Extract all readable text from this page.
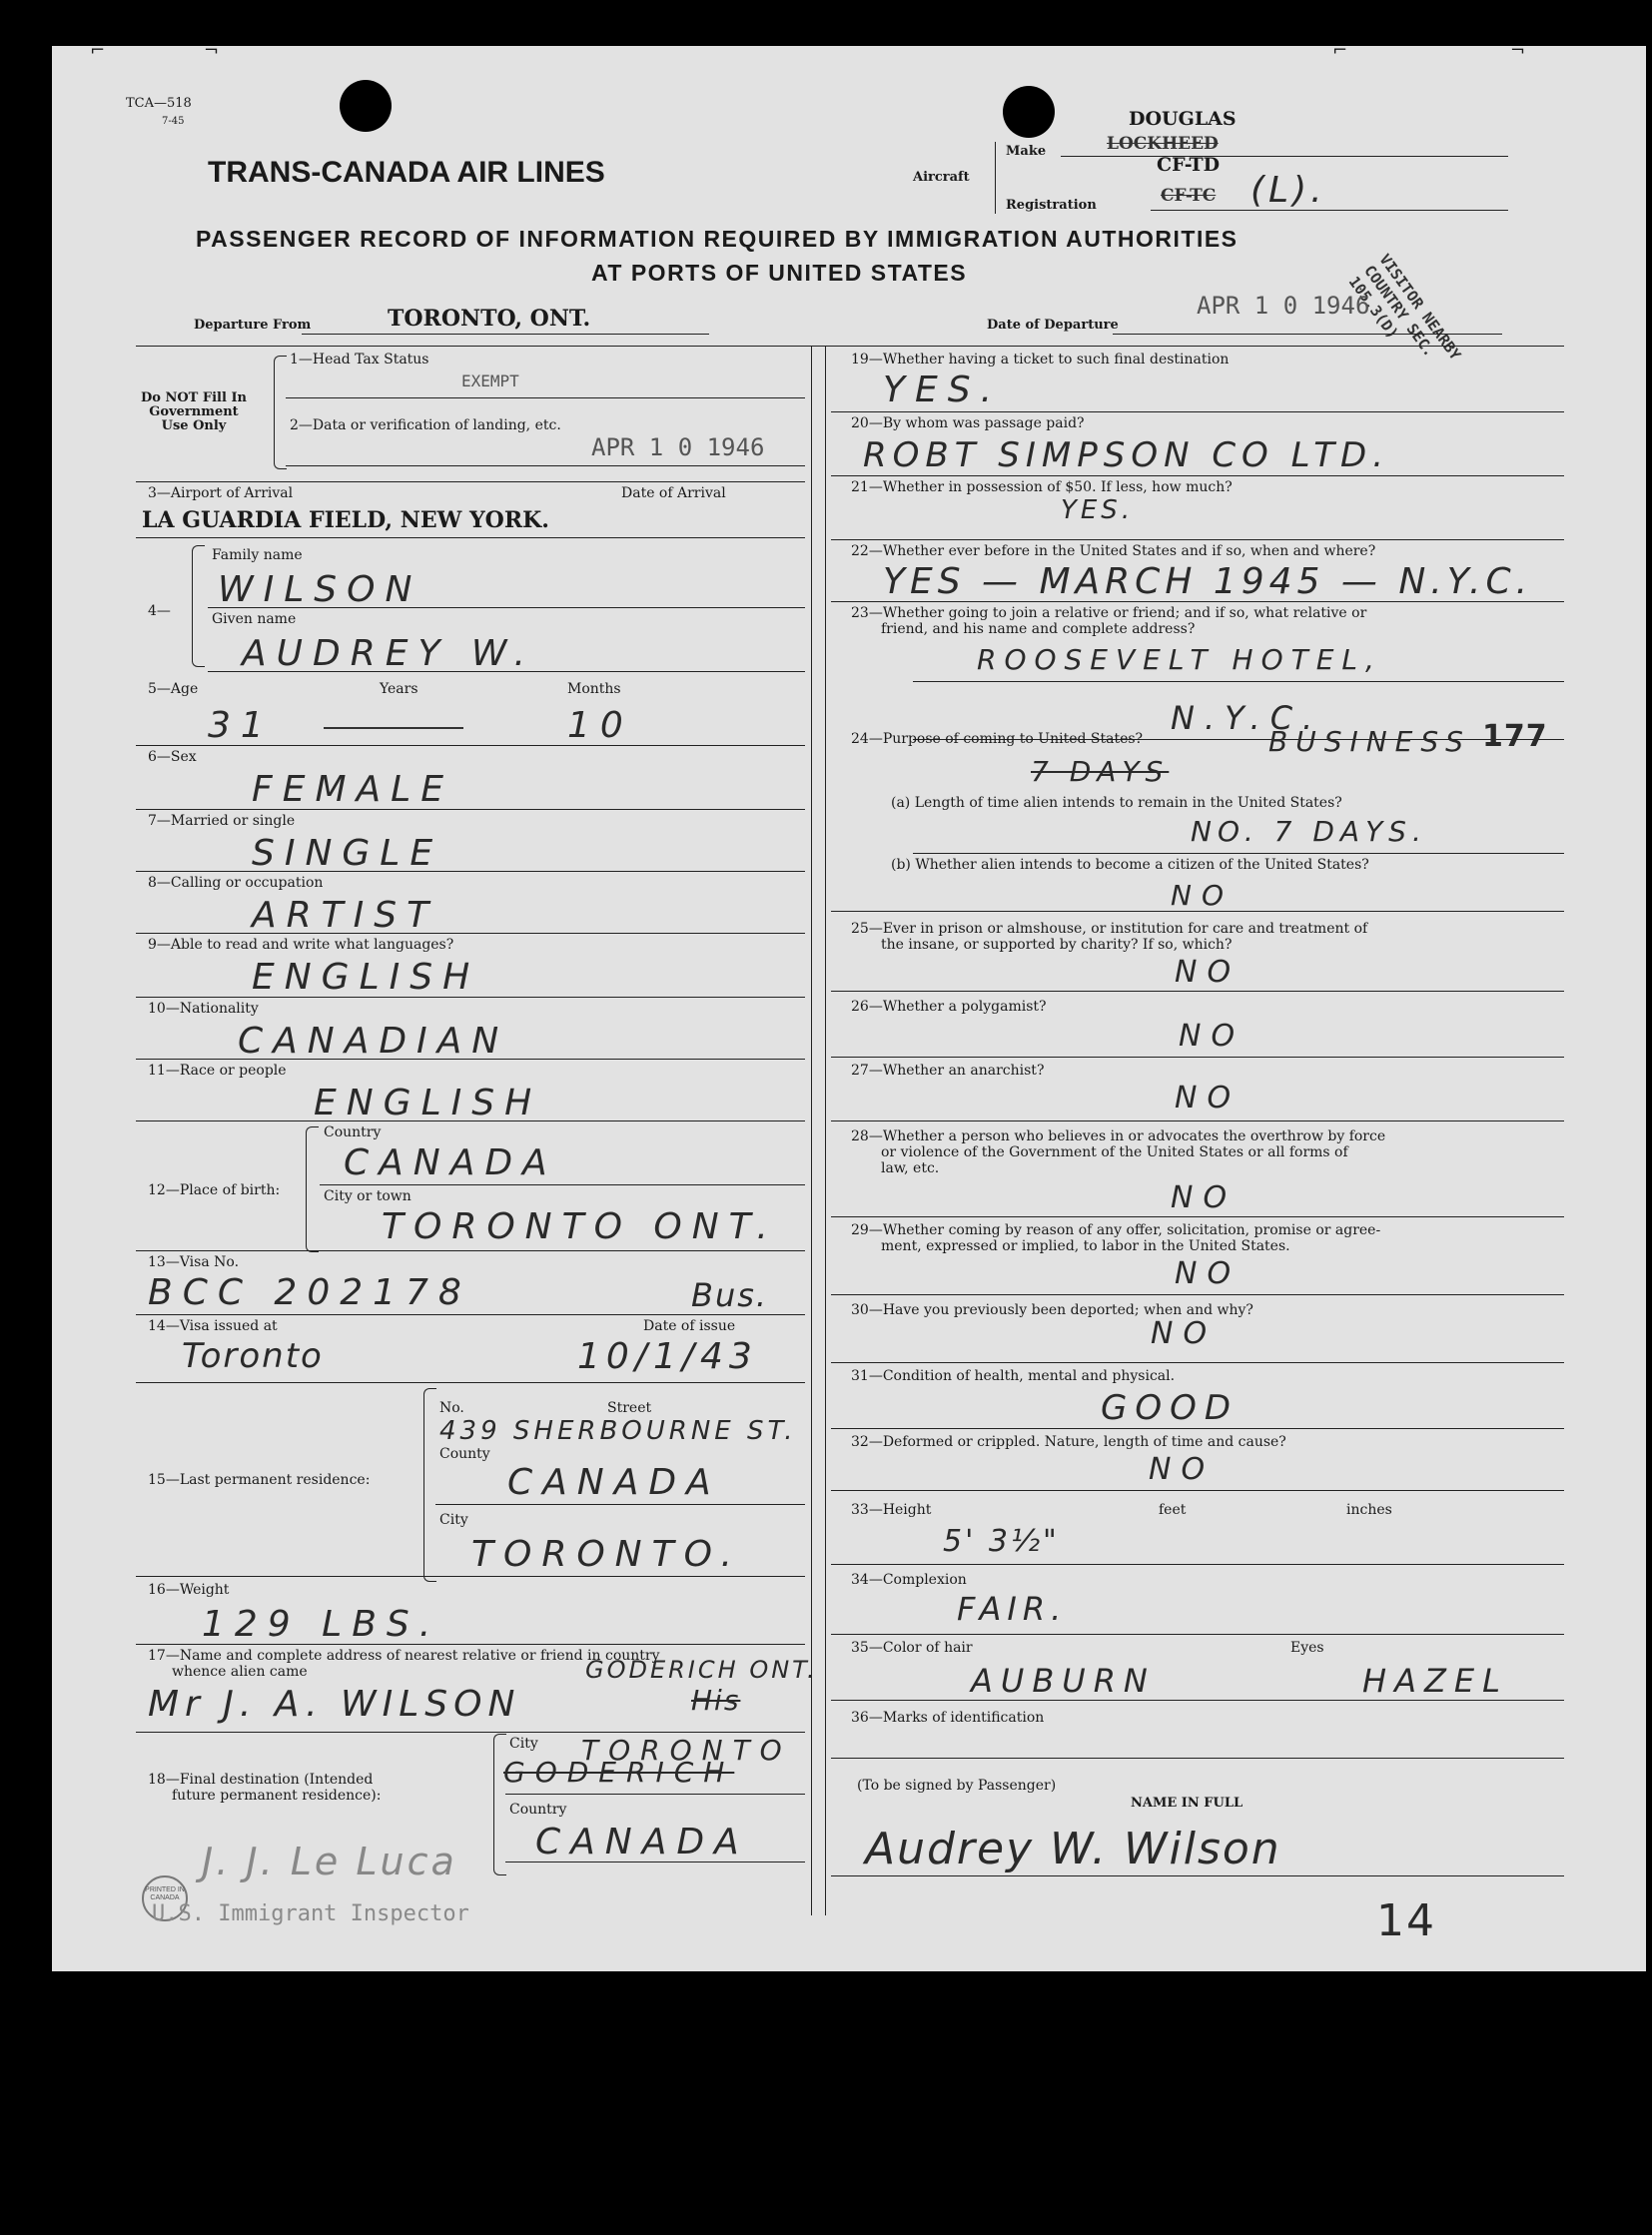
⌐	¬	⌐	¬
TCA—518
7-45
TRANS-CANADA AIR LINES	Aircraft
Make
DOUGLAS
LOCKHEED
Registration
CF-TD
CF-TC (L).
PASSENGER RECORD OF INFORMATION REQUIRED BY IMMIGRATION AUTHORITIES
AT PORTS OF UNITED STATES	VISITOR NEARBY COUNTRY SEC. 105.3(D)
Departure From	TORONTO, ONT.	Date of Departure
APR 1 0 1946
Do NOT Fill In Government Use Only
1—Head Tax Status
EXEMPT
2—Data or verification of landing, etc.
APR 1 0 1946
3—Airport of Arrival	Date of Arrival
LA GUARDIA FIELD, NEW YORK.
4—
Family name
WILSON
Given name
AUDREY W.
5—Age	Years	Months
31	10
6—Sex
FEMALE
7—Married or single
SINGLE
8—Calling or occupation
ARTIST
9—Able to read and write what languages?
ENGLISH
10—Nationality
CANADIAN
11—Race or people
ENGLISH
12—Place of birth:
Country
CANADA
City or town
TORONTO ONT.
13—Visa No.
BCC 202178	Bus.
14—Visa issued at	Date of issue
Toronto	10/1/43
15—Last permanent residence:
No.	Street
439 SHERBOURNE ST.
County
CANADA
City
TORONTO.
16—Weight
129 LBS.
17—Name and complete address of nearest relative or friend in country
whence alien came	GODERICH ONT.
Mr J. A. WILSON	His
18—Final destination (Intended
future permanent residence):
City TORONTO
GODERICH
Country
CANADA
PRINTED IN CANADA
J. J. Le Luca
U.S. Immigrant Inspector
19—Whether having a ticket to such final destination
YES.
20—By whom was passage paid?
ROBT SIMPSON CO LTD.
21—Whether in possession of $50. If less, how much?
YES.
22—Whether ever before in the United States and if so, when and where?
YES — MARCH 1945 — N.Y.C.
23—Whether going to join a relative or friend; and if so, what relative or
friend, and his name and complete address?
ROOSEVELT HOTEL,
N.Y.C.
24—Purpose of coming to United States?	BUSINESS 177
7 DAYS
(a) Length of time alien intends to remain in the United States?
NO. 7 DAYS.
(b) Whether alien intends to become a citizen of the United States?
NO
25—Ever in prison or almshouse, or institution for care and treatment of
the insane, or supported by charity? If so, which?
NO
26—Whether a polygamist?
NO
27—Whether an anarchist?
NO
28—Whether a person who believes in or advocates the overthrow by force
or violence of the Government of the United States or all forms of
law, etc.
NO
29—Whether coming by reason of any offer, solicitation, promise or agree-
ment, expressed or implied, to labor in the United States.
NO
30—Have you previously been deported; when and why?
NO
31—Condition of health, mental and physical.
GOOD
32—Deformed or crippled. Nature, length of time and cause?
NO
33—Height	feet	inches
5' 3½"
34—Complexion
FAIR.
35—Color of hair	Eyes
AUBURN	HAZEL
36—Marks of identification
(To be signed by Passenger)
NAME IN FULL
Audrey W. Wilson
14
